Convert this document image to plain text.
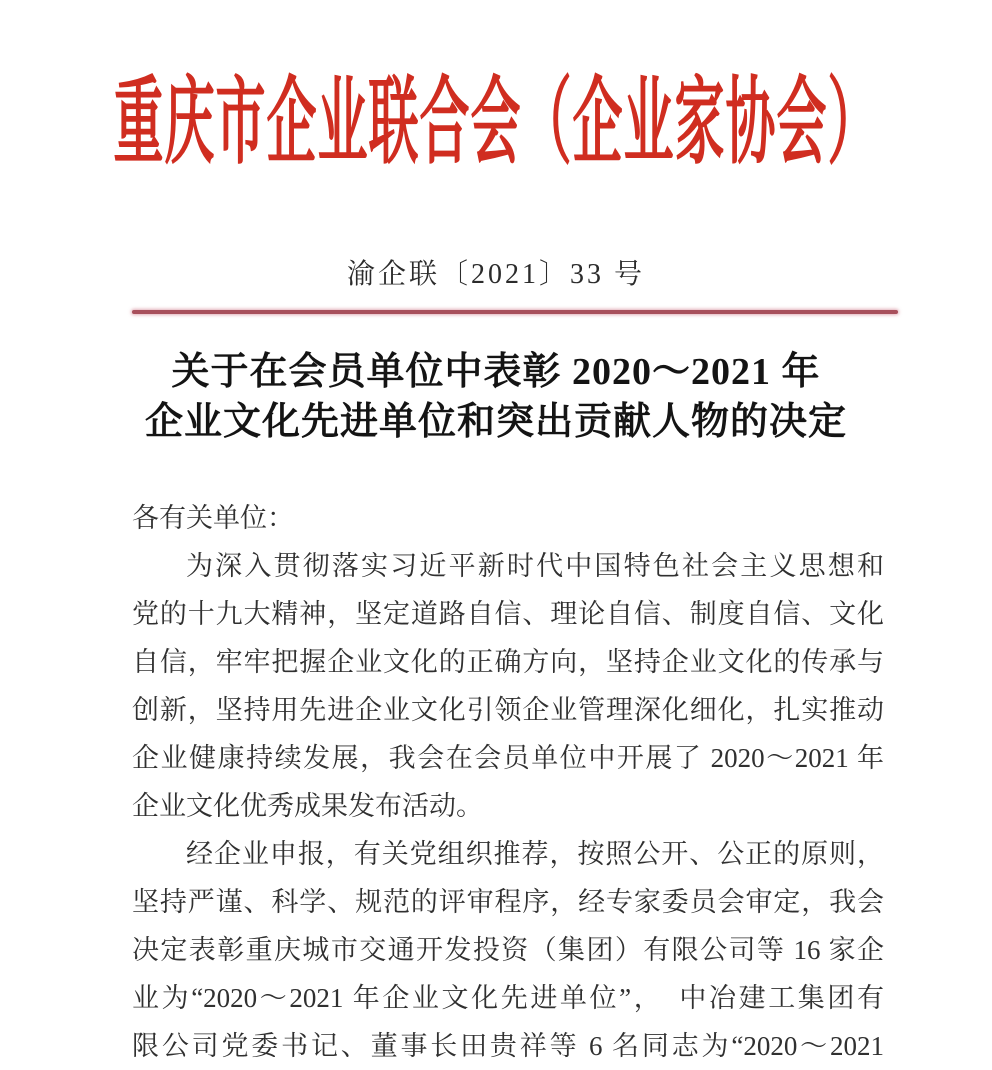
重庆市企业联合会（企业家协会）
渝企联〔2021〕33 号
关于在会员单位中表彰 2020～2021 年
企业文化先进单位和突出贡献人物的决定
各有关单位：
为深入贯彻落实习近平新时代中国特色社会主义思想和
党的十九大精神，坚定道路自信、理论自信、制度自信、文化
自信，牢牢把握企业文化的正确方向，坚持企业文化的传承与
创新，坚持用先进企业文化引领企业管理深化细化，扎实推动
企业健康持续发展，我会在会员单位中开展了 2020～2021 年
企业文化优秀成果发布活动。
经企业申报，有关党组织推荐，按照公开、公正的原则，
坚持严谨、科学、规范的评审程序，经专家委员会审定，我会
决定表彰重庆城市交通开发投资（集团）有限公司等 16 家企
业为“2020～2021 年企业文化先进单位”，　中冶建工集团有
限公司党委书记、董事长田贵祥等 6 名同志为“2020～2021
